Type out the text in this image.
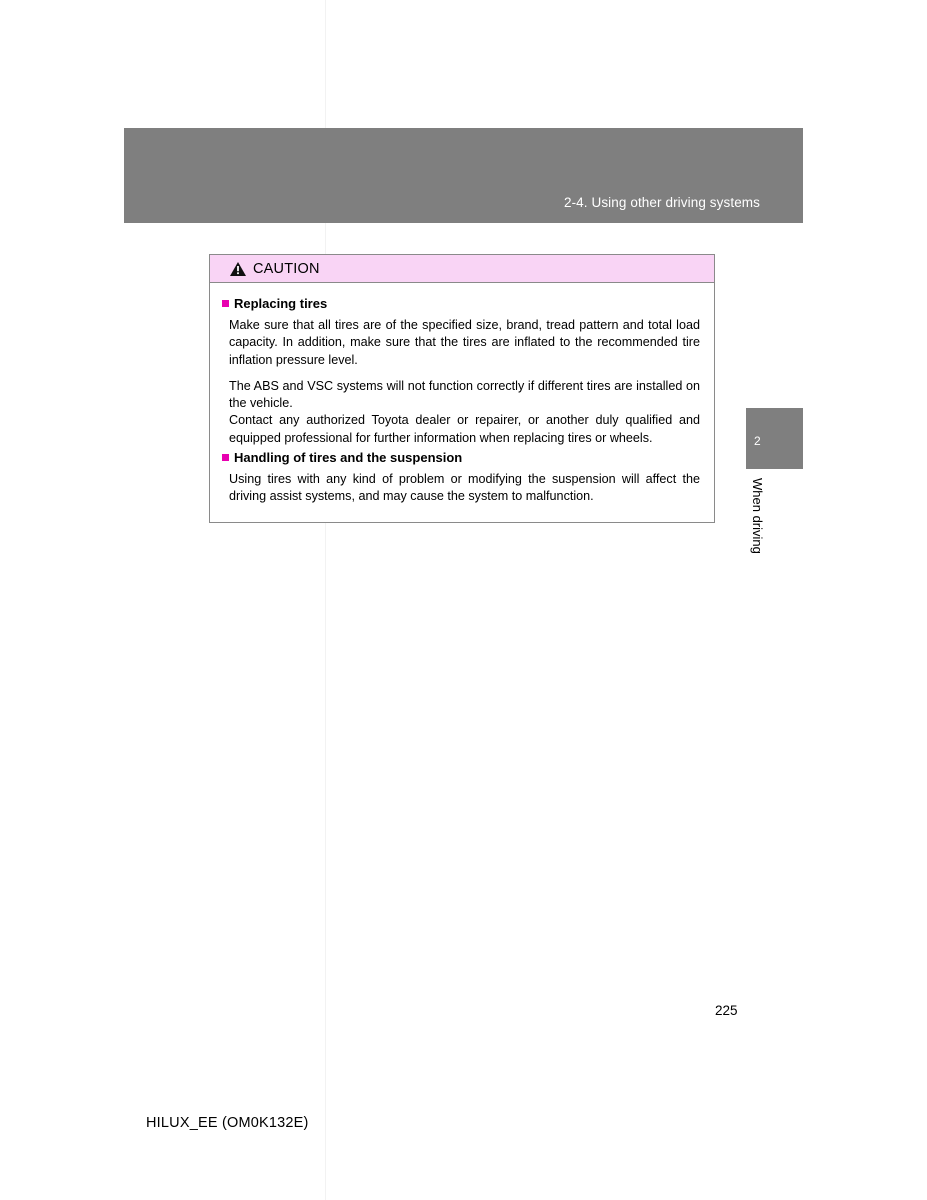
2-4. Using other driving systems
2
When driving
CAUTION
Replacing tires

Make sure that all tires are of the specified size, brand, tread pattern and total load capacity. In addition, make sure that the tires are inflated to the recommended tire inflation pressure level.

The ABS and VSC systems will not function correctly if different tires are installed on the vehicle.

Contact any authorized Toyota dealer or repairer, or another duly qualified and equipped professional for further information when replacing tires or wheels.

Handling of tires and the suspension

Using tires with any kind of problem or modifying the suspension will affect the driving assist systems, and may cause the system to malfunction.

225
HILUX_EE (OM0K132E)
